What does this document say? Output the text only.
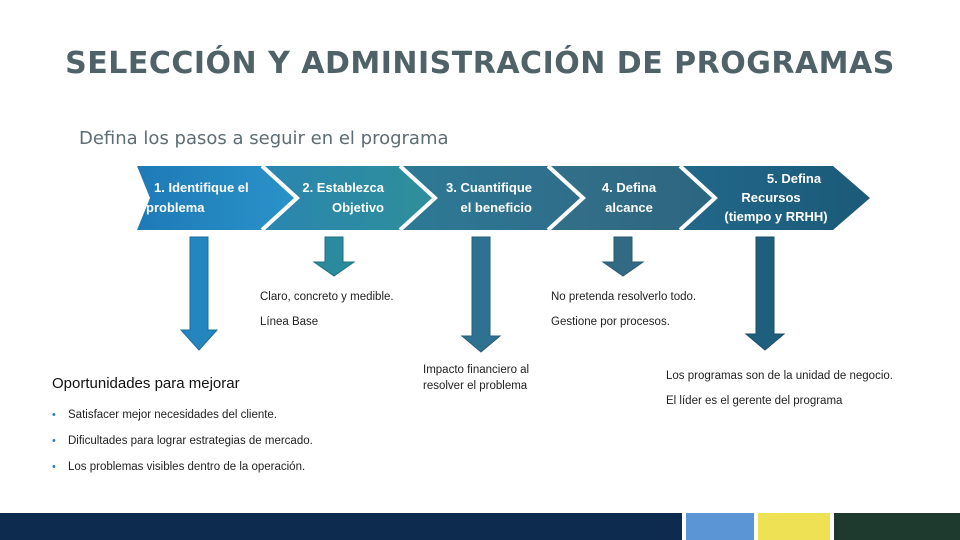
SELECCIÓN Y ADMINISTRACIÓN DE PROGRAMAS
Defina los pasos a seguir en el programa
1. Identifique el
problema
2. Establezca
Objetivo
3. Cuantifique
el beneficio
4. Defina
alcance
5. Defina
Recursos
(tiempo y RRHH)

Claro, concreto y medible.

Línea Base

Impacto financiero al
resolver el problema

No pretenda resolverlo todo.

Gestione por procesos.

Los programas son de la unidad de negocio.

El líder es el gerente del programa

Oportunidades para mejorar
• Satisfacer mejor necesidades del cliente.
• Dificultades para lograr estrategias de mercado.
• Los problemas visibles dentro de la operación.
